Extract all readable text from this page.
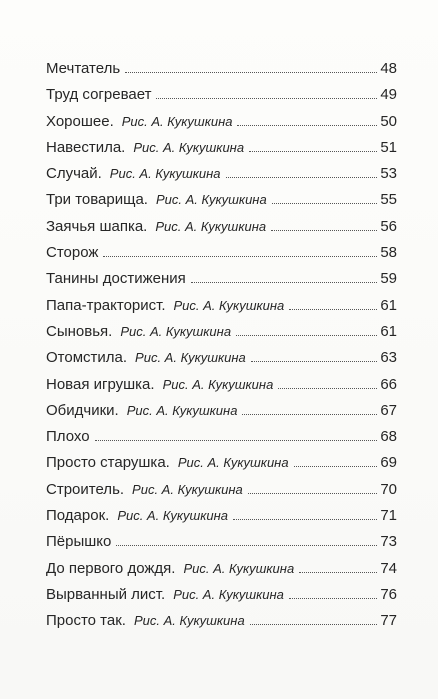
Мечтатель	48
Труд согревает	49
Хорошее. Рис. А. Кукушкина	50
Навестила. Рис. А. Кукушкина	51
Случай. Рис. А. Кукушкина	53
Три товарища. Рис. А. Кукушкина	55
Заячья шапка. Рис. А. Кукушкина	56
Сторож	58
Танины достижения	59
Папа-тракторист. Рис. А. Кукушкина	61
Сыновья. Рис. А. Кукушкина	61
Отомстила. Рис. А. Кукушкина	63
Новая игрушка. Рис. А. Кукушкина	66
Обидчики. Рис. А. Кукушкина	67
Плохо	68
Просто старушка. Рис. А. Кукушкина	69
Строитель. Рис. А. Кукушкина	70
Подарок. Рис. А. Кукушкина	71
Пёрышко	73
До первого дождя. Рис. А. Кукушкина	74
Вырванный лист. Рис. А. Кукушкина	76
Просто так. Рис. А. Кукушкина	77
